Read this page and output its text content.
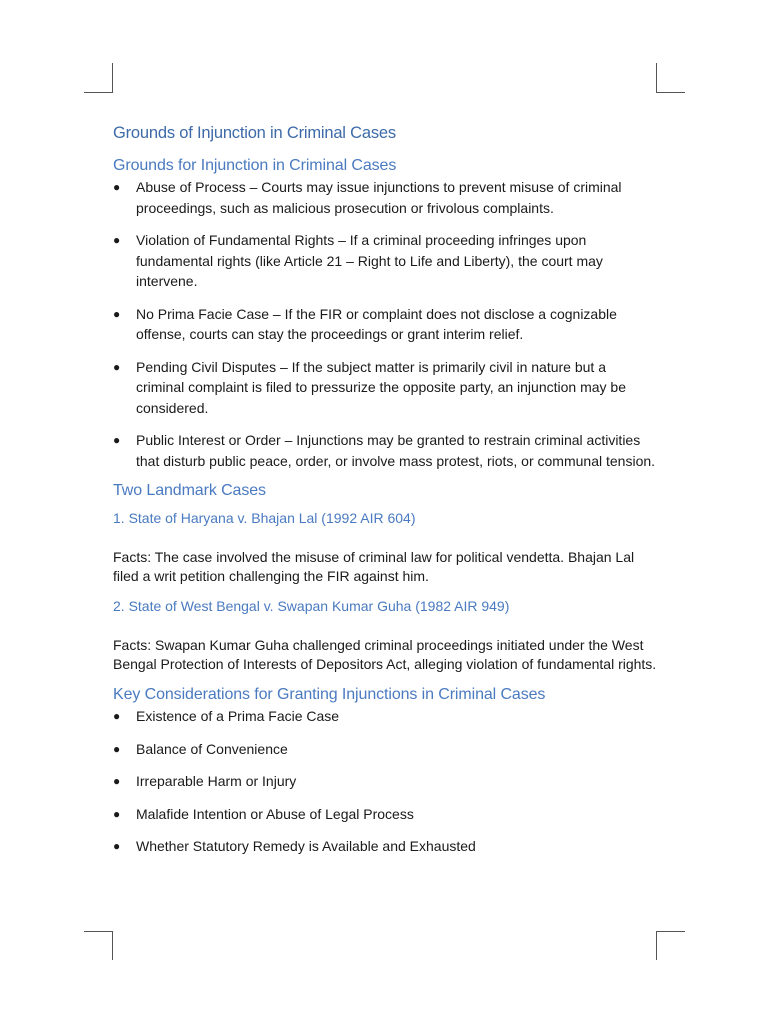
Grounds of Injunction in Criminal Cases
Grounds for Injunction in Criminal Cases
● Abuse of Process – Courts may issue injunctions to prevent misuse of criminal proceedings, such as malicious prosecution or frivolous complaints.
● Violation of Fundamental Rights – If a criminal proceeding infringes upon fundamental rights (like Article 21 – Right to Life and Liberty), the court may intervene.
● No Prima Facie Case – If the FIR or complaint does not disclose a cognizable offense, courts can stay the proceedings or grant interim relief.
● Pending Civil Disputes – If the subject matter is primarily civil in nature but a criminal complaint is filed to pressurize the opposite party, an injunction may be considered.
● Public Interest or Order – Injunctions may be granted to restrain criminal activities that disturb public peace, order, or involve mass protest, riots, or communal tension.
Two Landmark Cases
1. State of Haryana v. Bhajan Lal (1992 AIR 604)

Facts: The case involved the misuse of criminal law for political vendetta. Bhajan Lal filed a writ petition challenging the FIR against him.

2. State of West Bengal v. Swapan Kumar Guha (1982 AIR 949)

Facts: Swapan Kumar Guha challenged criminal proceedings initiated under the West Bengal Protection of Interests of Depositors Act, alleging violation of fundamental rights.

Key Considerations for Granting Injunctions in Criminal Cases
● Existence of a Prima Facie Case
● Balance of Convenience
● Irreparable Harm or Injury
● Malafide Intention or Abuse of Legal Process
● Whether Statutory Remedy is Available and Exhausted
